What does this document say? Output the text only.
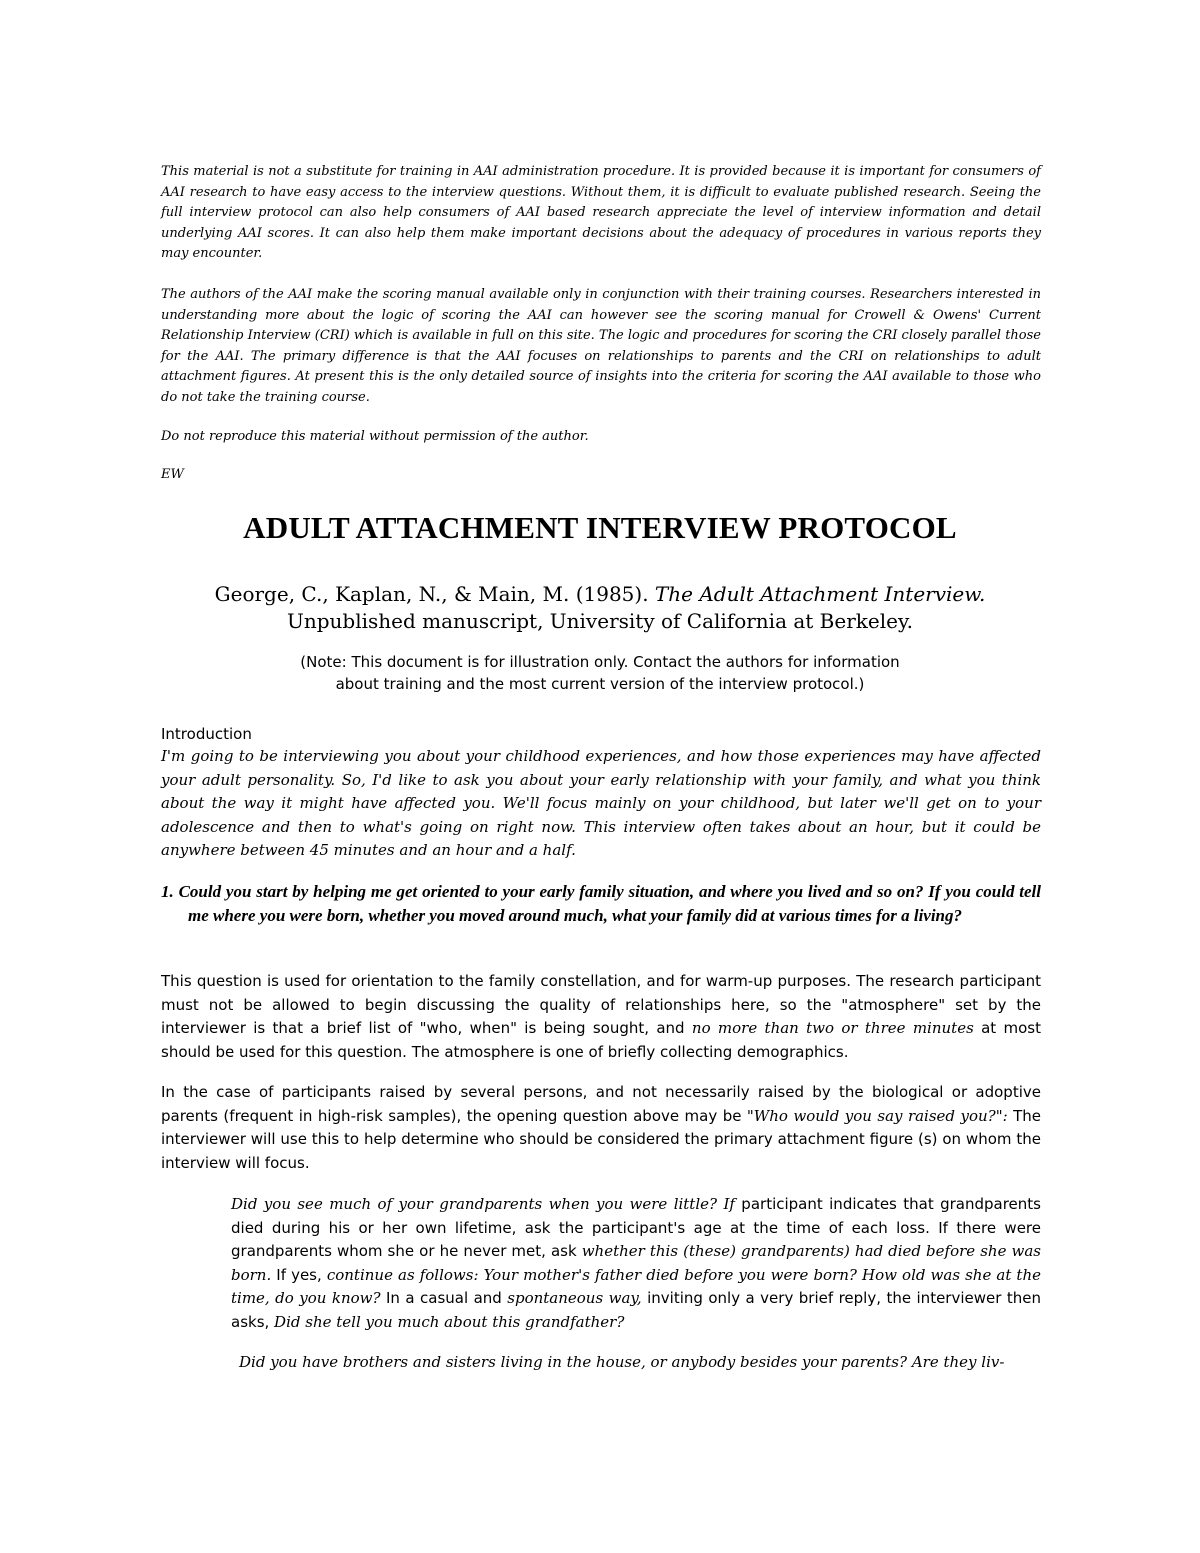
This material is not a substitute for training in AAI administration procedure. It is provided because it is important for consumers of AAI research to have easy access to the interview questions. Without them, it is difficult to evaluate published research. Seeing the full interview protocol can also help consumers of AAI based research appreciate the level of interview information and detail underlying AAI scores. It can also help them make important decisions about the adequacy of procedures in various reports they may encounter.
The authors of the AAI make the scoring manual available only in conjunction with their training courses. Researchers interested in understanding more about the logic of scoring the AAI can however see the scoring manual for Crowell & Owens' Current Relationship Interview (CRI) which is available in full on this site. The logic and procedures for scoring the CRI closely parallel those for the AAI. The primary difference is that the AAI focuses on relationships to parents and the CRI on relationships to adult attachment figures. At present this is the only detailed source of insights into the criteria for scoring the AAI available to those who do not take the training course.
Do not reproduce this material without permission of the author.
EW
ADULT ATTACHMENT INTERVIEW PROTOCOL
George, C., Kaplan, N., & Main, M. (1985). The Adult Attachment Interview. Unpublished manuscript, University of California at Berkeley.
(Note: This document is for illustration only. Contact the authors for information
about training and the most current version of the interview protocol.)
Introduction
I'm going to be interviewing you about your childhood experiences, and how those experiences may have affected your adult personality. So, I'd like to ask you about your early relationship with your family, and what you think about the way it might have affected you. We'll focus mainly on your childhood, but later we'll get on to your adolescence and then to what's going on right now. This interview often takes about an hour, but it could be anywhere between 45 minutes and an hour and a half.
1. Could you start by helping me get oriented to your early family situation, and where you lived and so on? If you could tell me where you were born, whether you moved around much, what your family did at various times for a living?
This question is used for orientation to the family constellation, and for warm-up purposes. The research participant must not be allowed to begin discussing the quality of relationships here, so the "atmosphere" set by the interviewer is that a brief list of "who, when" is being sought, and no more than two or three minutes at most should be used for this question. The atmosphere is one of briefly collecting demographics.
In the case of participants raised by several persons, and not necessarily raised by the biological or adoptive parents (frequent in high-risk samples), the opening question above may be "Who would you say raised you?": The interviewer will use this to help determine who should be considered the primary attachment figure (s) on whom the interview will focus.
Did you see much of your grandparents when you were little? If participant indicates that grandparents died during his or her own lifetime, ask the participant's age at the time of each loss. If there were grandparents whom she or he never met, ask whether this (these) grandparents) had died before she was born. If yes, continue as follows: Your mother's father died before you were born? How old was she at the time, do you know? In a casual and spontaneous way, inviting only a very brief reply, the interviewer then asks, Did she tell you much about this grandfather?
Did you have brothers and sisters living in the house, or anybody besides your parents? Are they liv-
